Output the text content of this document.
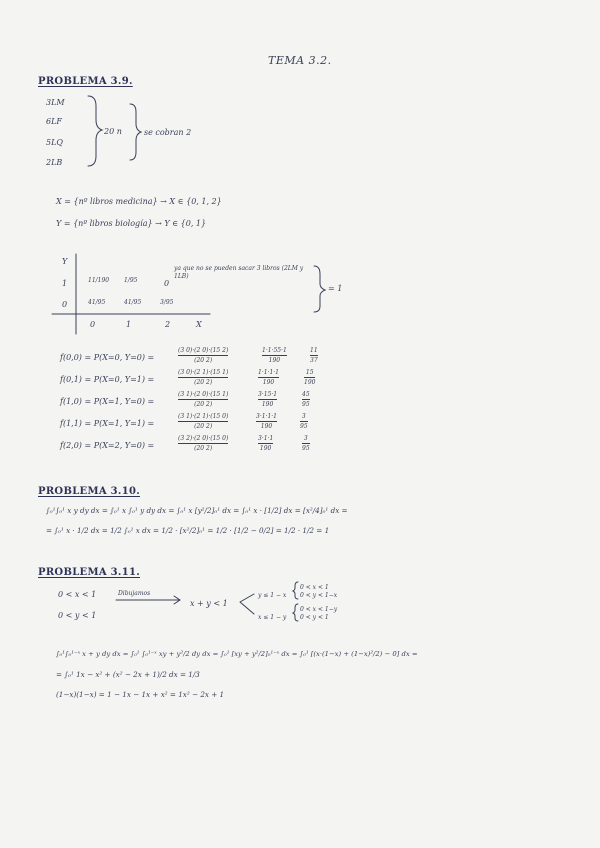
TEMA 3.2.
PROBLEMA 3.9.
3LM
6LF
5LQ
2LB
20 n	se cobran 2
X = {nº libros medicina} → X ∈ {0, 1, 2}
Y = {nº libros biología} → Y ∈ {0, 1}
Y
1
0
11/190 1/95	0
41/95	41/95	3/95
ya que no se pueden sacar 3 libros (2LM y 1LB)
= 1
0	1	2	X
f(0,0) = P(X=0, Y=0) =
(3 0)·(2 0)·(15 2)
(20 2)
1·1·55·1
190
11
37
f(0,1) = P(X=0, Y=1) =
(3 0)·(2 1)·(15 1)
(20 2)
1·1·1·1
190
15
190
f(1,0) = P(X=1, Y=0) =
(3 1)·(2 0)·(15 1)
(20 2)
3·15·1
190
45
95
f(1,1) = P(X=1, Y=1) =
(3 1)·(2 1)·(15 0)
(20 2)
3·1·1·1
190
3
95
f(2,0) = P(X=2, Y=0) =
(3 2)·(2 0)·(15 0)
(20 2)
3·1·1
190
3
95
PROBLEMA 3.10.
∫₀¹∫₀¹ x y dy dx = ∫₀¹ x ∫₀¹ y dy dx = ∫₀¹ x [y²/2]₀¹ dx = ∫₀¹ x · [1/2] dx = [x²/4]₀¹ dx =
= ∫₀¹ x · 1/2 dx = 1/2 ∫₀¹ x dx = 1/2 · [x²/2]₀¹ = 1/2 · [1/2 − 0/2] = 1/2 · 1/2 = 1
PROBLEMA 3.11.
0 < x < 1
0 < y < 1
Dibujamos
x + y < 1
y ≤ 1 − x
0 < x < 1
0 < y < 1−x
x ≤ 1 − y
0 < x < 1−y
0 < y < 1
∫₀¹∫₀¹⁻ˣ x + y dy dx = ∫₀¹ ∫₀¹⁻ˣ xy + y²/2 dy dx = ∫₀¹ [xy + y²/2]₀¹⁻ˣ dx = ∫₀¹ [(x·(1−x) + (1−x)²/2) − 0] dx =
= ∫₀¹ 1x − x² + (x² − 2x + 1)/2 dx = 1/3
(1−x)(1−x) = 1 − 1x − 1x + x² = 1x² − 2x + 1
